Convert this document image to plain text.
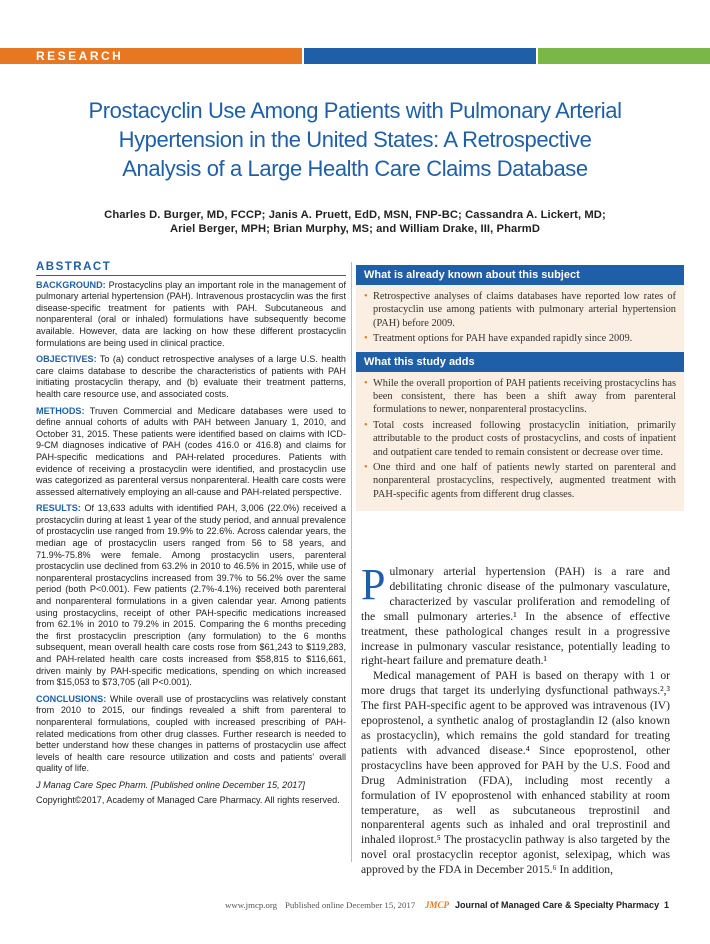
RESEARCH
Prostacyclin Use Among Patients with Pulmonary Arterial
Hypertension in the United States: A Retrospective
Analysis of a Large Health Care Claims Database
Charles D. Burger, MD, FCCP; Janis A. Pruett, EdD, MSN, FNP-BC; Cassandra A. Lickert, MD;
Ariel Berger, MPH; Brian Murphy, MS; and William Drake, III, PharmD
ABSTRACT

BACKGROUND: Prostacyclins play an important role in the management of pulmonary arterial hypertension (PAH). Intravenous prostacyclin was the first disease-specific treatment for patients with PAH. Subcutaneous and nonparenteral (oral or inhaled) formulations have subsequently become available. However, data are lacking on how these different prostacyclin formulations are being used in clinical practice.

OBJECTIVES: To (a) conduct retrospective analyses of a large U.S. health care claims database to describe the characteristics of patients with PAH initiating prostacyclin therapy, and (b) evaluate their treatment patterns, health care resource use, and associated costs.

METHODS: Truven Commercial and Medicare databases were used to define annual cohorts of adults with PAH between January 1, 2010, and October 31, 2015. These patients were identified based on claims with ICD-9-CM diagnoses indicative of PAH (codes 416.0 or 416.8) and claims for PAH-specific medications and PAH-related procedures. Patients with evidence of receiving a prostacyclin were identified, and prostacyclin use was categorized as parenteral versus nonparenteral. Health care costs were assessed alternatively employing an all-cause and PAH-related perspective.

RESULTS: Of 13,633 adults with identified PAH, 3,006 (22.0%) received a prostacyclin during at least 1 year of the study period, and annual prevalence of prostacyclin use ranged from 19.9% to 22.6%. Across calendar years, the median age of prostacyclin users ranged from 56 to 58 years, and 71.9%-75.8% were female. Among prostacyclin users, parenteral prostacyclin use declined from 63.2% in 2010 to 46.5% in 2015, while use of nonparenteral prostacyclins increased from 39.7% to 56.2% over the same period (both P<0.001). Few patients (2.7%-4.1%) received both parenteral and nonparenteral formulations in a given calendar year. Among patients using prostacyclins, receipt of other PAH-specific medications increased from 62.1% in 2010 to 79.2% in 2015. Comparing the 6 months preceding the first prostacyclin prescription (any formulation) to the 6 months subsequent, mean overall health care costs rose from $61,243 to $119,283, and PAH-related health care costs increased from $58,815 to $116,661, driven mainly by PAH-specific medications, spending on which increased from $15,053 to $73,705 (all P<0.001).

CONCLUSIONS: While overall use of prostacyclins was relatively constant from 2010 to 2015, our findings revealed a shift from parenteral to nonparenteral formulations, coupled with increased prescribing of PAH-related medications from other drug classes. Further research is needed to better understand how these changes in patterns of prostacyclin use affect levels of health care resource utilization and costs and patients' overall quality of life.

J Manag Care Spec Pharm. [Published online December 15, 2017]

Copyright©2017, Academy of Managed Care Pharmacy. All rights reserved.

What is already known about this subject
• Retrospective analyses of claims databases have reported low rates of prostacyclin use among patients with pulmonary arterial hypertension (PAH) before 2009.
• Treatment options for PAH have expanded rapidly since 2009.
What this study adds
• While the overall proportion of PAH patients receiving prostacyclins has been consistent, there has been a shift away from parenteral formulations to newer, nonparenteral prostacyclins.
• Total costs increased following prostacyclin initiation, primarily attributable to the product costs of prostacyclins, and costs of inpatient and outpatient care tended to remain consistent or decrease over time.
• One third and one half of patients newly started on parenteral and nonparenteral prostacyclins, respectively, augmented treatment with PAH-specific agents from different drug classes.

Pulmonary arterial hypertension (PAH) is a rare and debilitating chronic disease of the pulmonary vasculature, characterized by vascular proliferation and remodeling of the small pulmonary arteries.¹ In the absence of effective treatment, these pathological changes result in a progressive increase in pulmonary vascular resistance, potentially leading to right-heart failure and premature death.¹

Medical management of PAH is based on therapy with 1 or more drugs that target its underlying dysfunctional pathways.²,³ The first PAH-specific agent to be approved was intravenous (IV) epoprostenol, a synthetic analog of prostaglandin I2 (also known as prostacyclin), which remains the gold standard for treating patients with advanced disease.⁴ Since epoprostenol, other prostacyclins have been approved for PAH by the U.S. Food and Drug Administration (FDA), including most recently a formulation of IV epoprostenol with enhanced stability at room temperature, as well as subcutaneous treprostinil and nonparenteral agents such as inhaled and oral treprostinil and inhaled iloprost.⁵ The prostacyclin pathway is also targeted by the novel oral prostacyclin receptor agonist, selexipag, which was approved by the FDA in December 2015.⁶ In addition,

www.jmcp.org Published online December 15, 2017 JMCP Journal of Managed Care & Specialty Pharmacy 1
